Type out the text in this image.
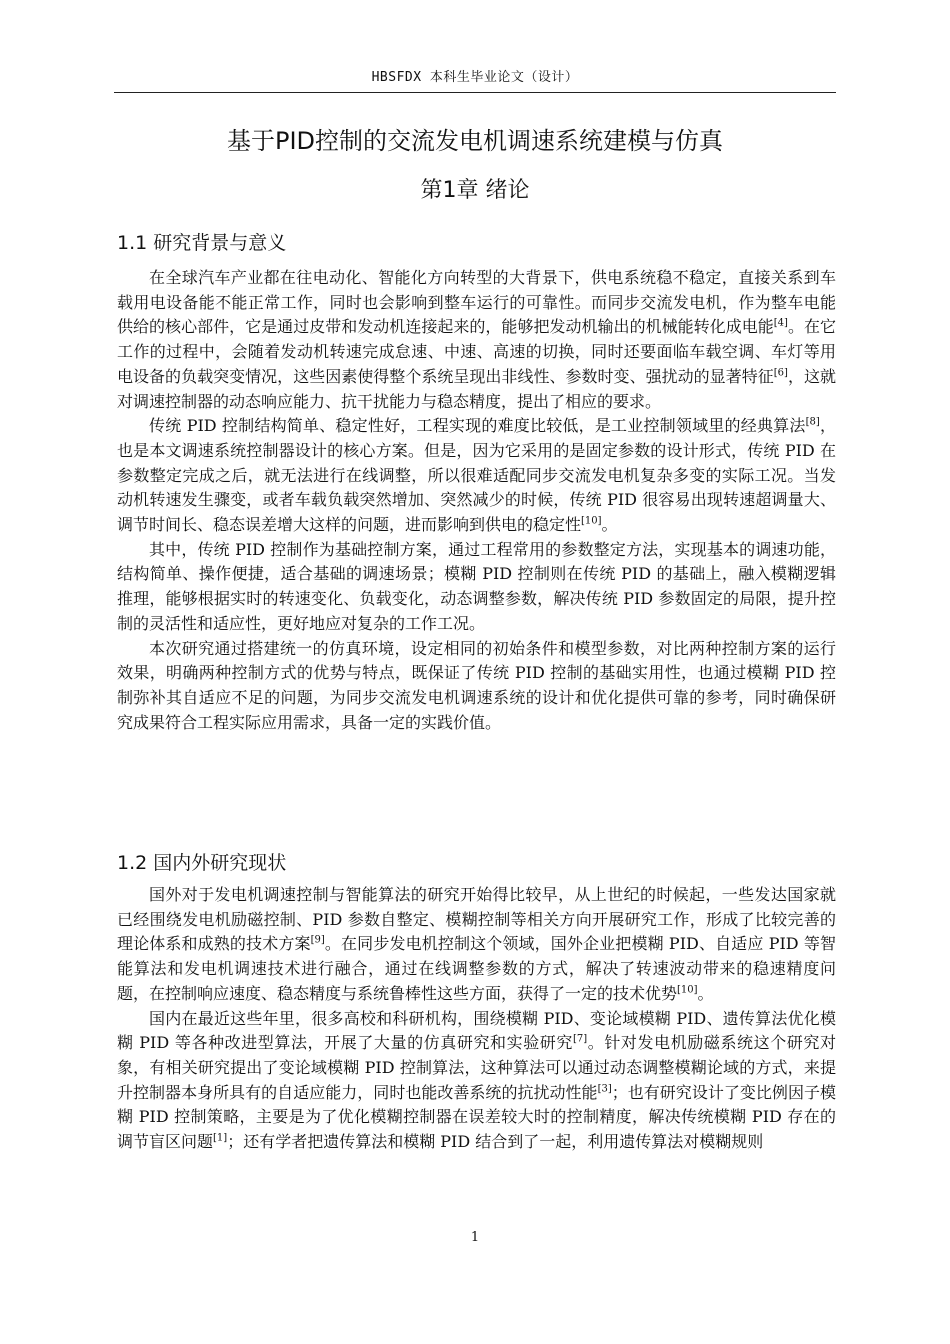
HBSFDX 本科生毕业论文（设计）
基于PID控制的交流发电机调速系统建模与仿真
第1章 绪论
1.1 研究背景与意义

在全球汽车产业都在往电动化、智能化方向转型的大背景下，供电系统稳不稳定，直接关系到车载用电设备能不能正常工作，同时也会影响到整车运行的可靠性。而同步交流发电机，作为整车电能供给的核心部件，它是通过皮带和发动机连接起来的，能够把发动机输出的机械能转化成电能[4]。在它工作的过程中，会随着发动机转速完成怠速、中速、高速的切换，同时还要面临车载空调、车灯等用电设备的负载突变情况，这些因素使得整个系统呈现出非线性、参数时变、强扰动的显著特征[6]，这就对调速控制器的动态响应能力、抗干扰能力与稳态精度，提出了相应的要求。

传统 PID 控制结构简单、稳定性好，工程实现的难度比较低，是工业控制领域里的经典算法[8]，也是本文调速系统控制器设计的核心方案。但是，因为它采用的是固定参数的设计形式，传统 PID 在参数整定完成之后，就无法进行在线调整，所以很难适配同步交流发电机复杂多变的实际工况。当发动机转速发生骤变，或者车载负载突然增加、突然减少的时候，传统 PID 很容易出现转速超调量大、调节时间长、稳态误差增大这样的问题，进而影响到供电的稳定性[10]。

其中，传统 PID 控制作为基础控制方案，通过工程常用的参数整定方法，实现基本的调速功能，结构简单、操作便捷，适合基础的调速场景；模糊 PID 控制则在传统 PID 的基础上，融入模糊逻辑推理，能够根据实时的转速变化、负载变化，动态调整参数，解决传统 PID 参数固定的局限，提升控制的灵活性和适应性，更好地应对复杂的工作工况。

本次研究通过搭建统一的仿真环境，设定相同的初始条件和模型参数，对比两种控制方案的运行效果，明确两种控制方式的优势与特点，既保证了传统 PID 控制的基础实用性，也通过模糊 PID 控制弥补其自适应不足的问题，为同步交流发电机调速系统的设计和优化提供可靠的参考，同时确保研究成果符合工程实际应用需求，具备一定的实践价值。

1.2 国内外研究现状

国外对于发电机调速控制与智能算法的研究开始得比较早，从上世纪的时候起，一些发达国家就已经围绕发电机励磁控制、PID 参数自整定、模糊控制等相关方向开展研究工作，形成了比较完善的理论体系和成熟的技术方案[9]。在同步发电机控制这个领域，国外企业把模糊 PID、自适应 PID 等智能算法和发电机调速技术进行融合，通过在线调整参数的方式，解决了转速波动带来的稳速精度问题，在控制响应速度、稳态精度与系统鲁棒性这些方面，获得了一定的技术优势[10]。

国内在最近这些年里，很多高校和科研机构，围绕模糊 PID、变论域模糊 PID、遗传算法优化模糊 PID 等各种改进型算法，开展了大量的仿真研究和实验研究[7]。针对发电机励磁系统这个研究对象，有相关研究提出了变论域模糊 PID 控制算法，这种算法可以通过动态调整模糊论域的方式，来提升控制器本身所具有的自适应能力，同时也能改善系统的抗扰动性能[3]；也有研究设计了变比例因子模糊 PID 控制策略，主要是为了优化模糊控制器在误差较大时的控制精度，解决传统模糊 PID 存在的调节盲区问题[1]；还有学者把遗传算法和模糊 PID 结合到了一起，利用遗传算法对模糊规则

1
